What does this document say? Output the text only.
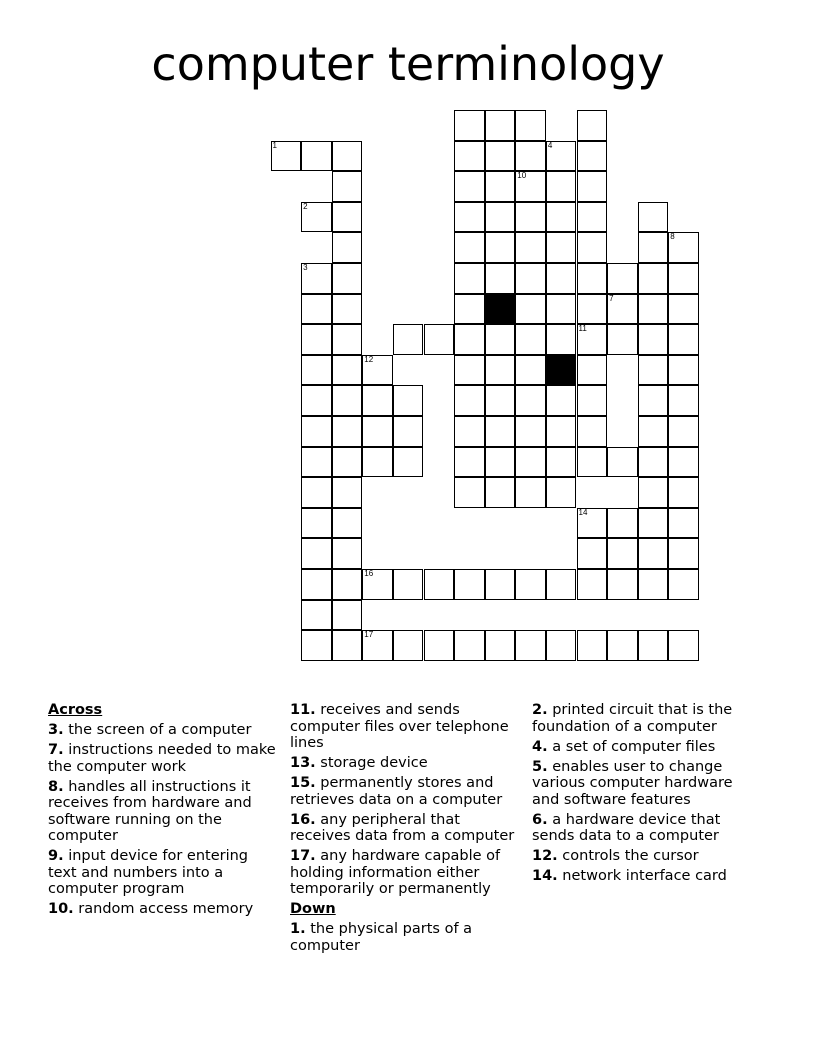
computer terminology
1
2
3
12
16
17
10
4
11
14
7
8
Across
3. the screen of a computer
7. instructions needed to make the computer work
8. handles all instructions it receives from hardware and software running on the computer
9. input device for entering text and numbers into a computer program
10. random access memory
11. receives and sends computer files over telephone lines
13. storage device
15. permanently stores and retrieves data on a computer
16. any peripheral that receives data from a computer
17. any hardware capable of holding information either temporarily or permanently
Down
1. the physical parts of a computer
2. printed circuit that is the foundation of a computer
4. a set of computer files
5. enables user to change various computer hardware and software features
6. a hardware device that sends data to a computer
12. controls the cursor
14. network interface card
